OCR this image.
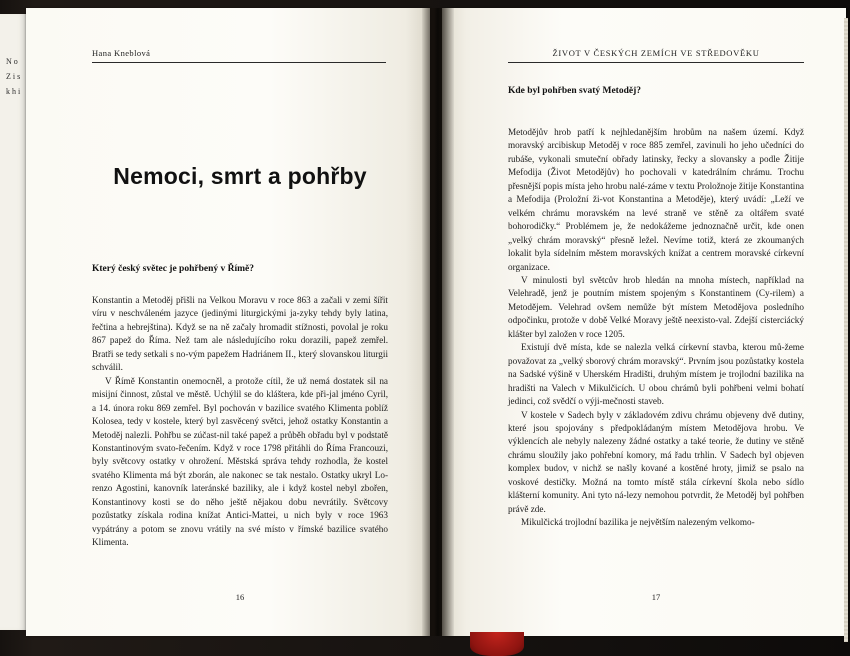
N o Z i s k h i
Hana Kneblová
Nemoci, smrt a pohřby
Který český světec je pohřbený v Římě?

Konstantin a Metoděj přišli na Velkou Moravu v roce 863 a začali v zemi šířit víru v neschváleném jazyce (jedinými liturgickými ja-zyky tehdy byly latina, řečtina a hebrejština). Když se na ně začaly hromadit stížnosti, povolal je roku 867 papež do Říma. Než tam ale následujícího roku dorazili, papež zemřel. Bratři se tedy setkali s no-vým papežem Hadriánem II., který slovanskou liturgii schválil.

V Římě Konstantin onemocněl, a protože cítil, že už nemá dostatek sil na misijní činnost, zůstal ve městě. Uchýlil se do kláštera, kde při-jal jméno Cyril, a 14. února roku 869 zemřel. Byl pochován v bazilice svatého Klimenta poblíž Kolosea, tedy v kostele, který byl zasvěcený světci, jehož ostatky Konstantin a Metoděj nalezli. Pohřbu se zúčast-nil také papež a průběh obřadu byl v podstatě Konstantinovým svato-řečením. Když v roce 1798 přitáhli do Říma Francouzi, byly světcovy ostatky v ohrožení. Městská správa tehdy rozhodla, že kostel svatého Klimenta má být zborán, ale nakonec se tak nestalo. Ostatky ukryl Lo-renzo Agostini, kanovník lateránské baziliky, ale i když kostel nebyl zbořen, Konstantinovy kosti se do něho ještě nějakou dobu nevrátily. Světcovy pozůstatky získala rodina knížat Antici-Mattei, u nich byly v roce 1963 vypátrány a potom se znovu vrátily na své místo v římské bazilice svatého Klimenta.

16
ŽIVOT V ČESKÝCH ZEMÍCH VE STŘEDOVĚKU
Kde byl pohřben svatý Metoděj?

Metodějův hrob patří k nejhledanějším hrobům na našem území. Když moravský arcibiskup Metoděj v roce 885 zemřel, zavinuli ho jeho učedníci do rubáše, vykonali smuteční obřady latinsky, řecky a slovansky a podle Žitije Mefodija (Život Metodějův) ho pochovali v katedrálním chrámu. Trochu přesnější popis místa jeho hrobu nalé-záme v textu Proložnoje žitije Konstantina a Mefodija (Proložní ži-vot Konstantina a Metoděje), který uvádí: „Leží ve velkém chrámu moravském na levé straně ve stěně za oltářem svaté bohorodičky.“ Problémem je, že nedokážeme jednoznačně určit, kde onen „velký chrám moravský“ přesně ležel. Nevíme totiž, která ze zkoumaných lokalit byla sídelním městem moravských knížat a centrem moravské církevní organizace.

V minulosti byl světcův hrob hledán na mnoha místech, například na Velehradě, jenž je poutním místem spojeným s Konstantinem (Cy-rilem) a Metodějem. Velehrad ovšem nemůže být místem Metodějova posledního odpočinku, protože v době Velké Moravy ještě neexisto-val. Zdejší cisterciácký klášter byl založen v roce 1205.

Existují dvě místa, kde se nalezla velká církevní stavba, kterou mů-žeme považovat za „velký sborový chrám moravský“. Prvním jsou pozůstatky kostela na Sadské výšině v Uherském Hradišti, druhým místem je trojlodní bazilika na hradišti na Valech v Mikulčicích. U obou chrámů byli pohřbeni velmi bohatí jedinci, což svědčí o výji-mečnosti staveb.

V kostele v Sadech byly v základovém zdivu chrámu objeveny dvě dutiny, které jsou spojovány s předpokládaným místem Metodějova hrobu. Ve výklencích ale nebyly nalezeny žádné ostatky a také teorie, že dutiny ve stěně chrámu sloužily jako pohřební komory, má řadu trhlin. V Sadech byl objeven komplex budov, v nichž se našly kované a kostěné hroty, jimiž se psalo na voskové destičky. Možná na tomto místě stála církevní škola nebo sídlo klášterní komunity. Ani tyto ná-lezy nemohou potvrdit, že Metoděj byl pohřben právě zde.

Mikulčická trojlodní bazilika je největším nalezeným velkomo-

17
